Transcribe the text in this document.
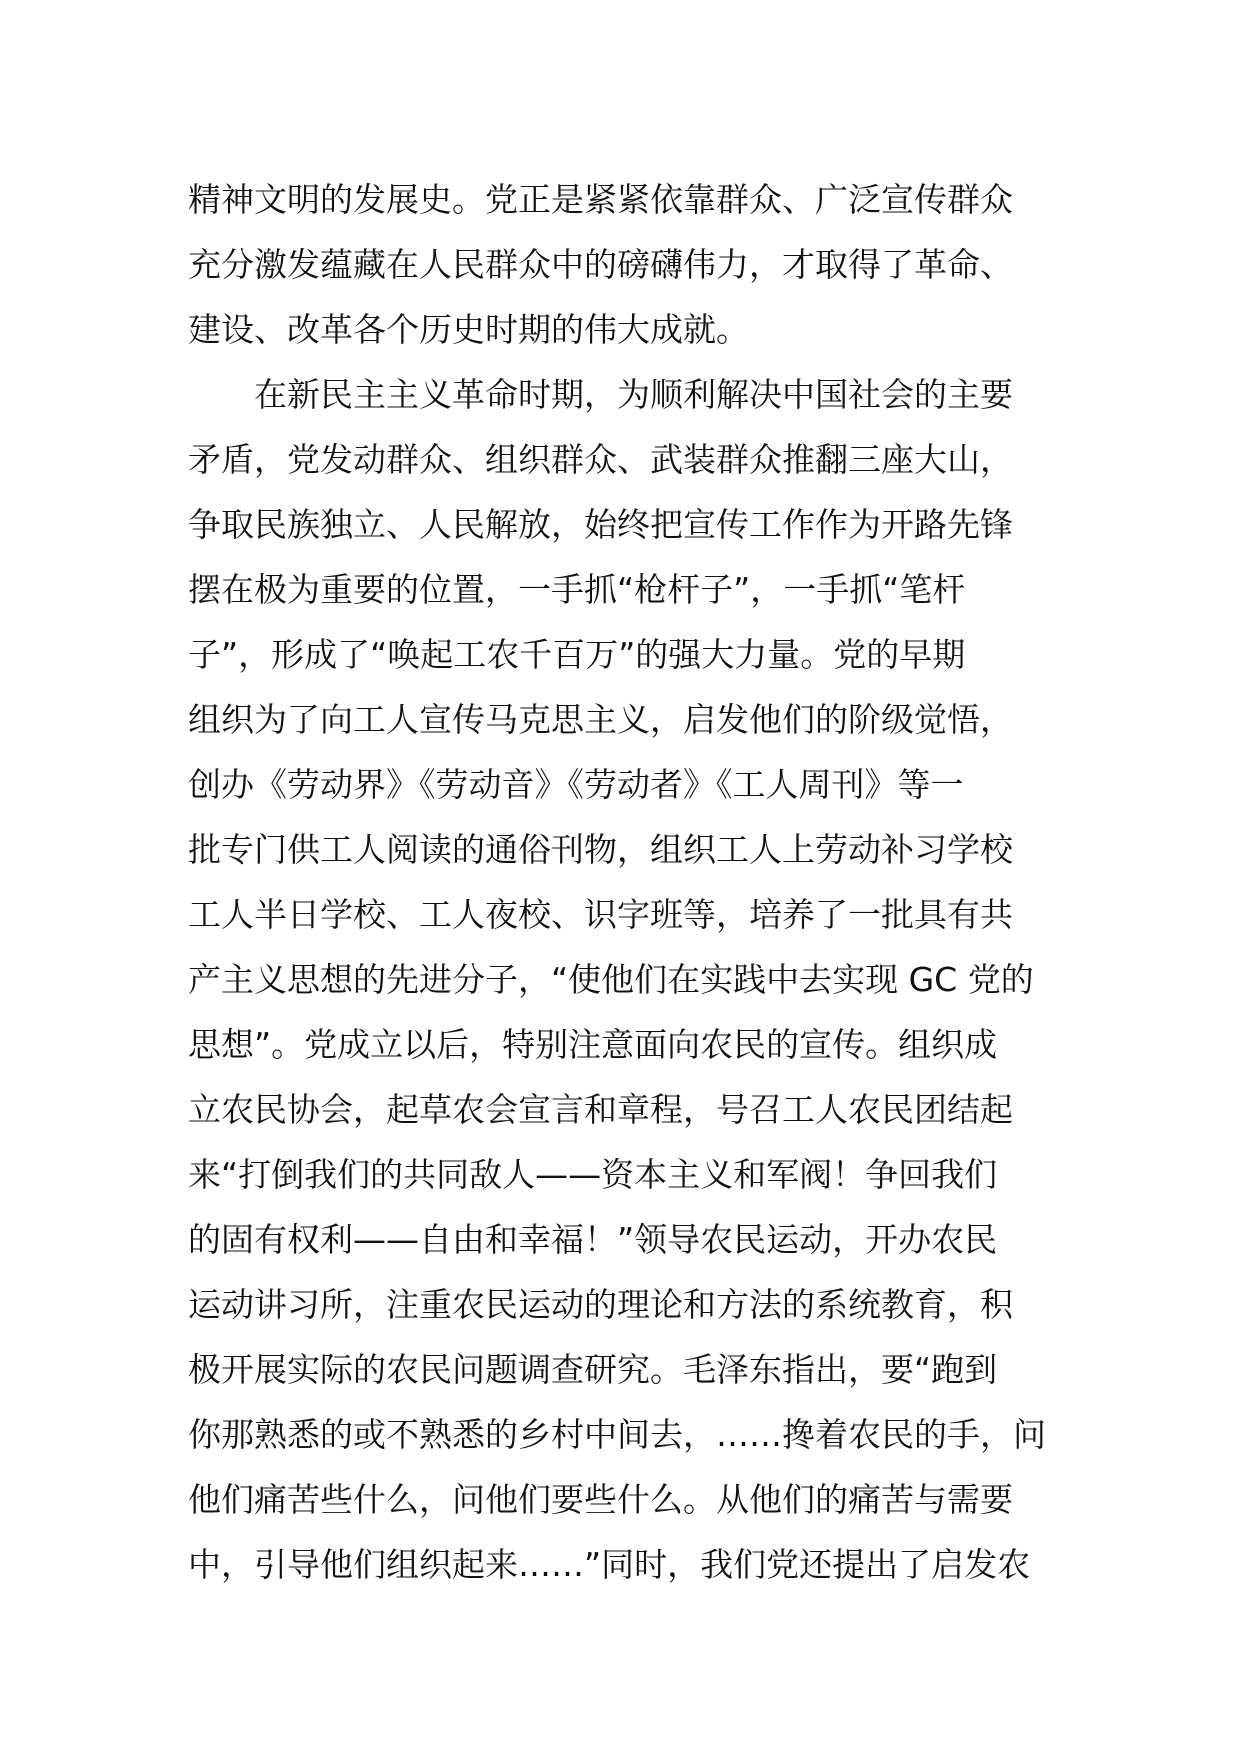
精神文明的发展史。党正是紧紧依靠群众、广泛宣传群众
充分激发蕴藏在人民群众中的磅礴伟力，才取得了革命、
建设、改革各个历史时期的伟大成就。
在新民主主义革命时期，为顺利解决中国社会的主要
矛盾，党发动群众、组织群众、武装群众推翻三座大山，
争取民族独立、人民解放，始终把宣传工作作为开路先锋
摆在极为重要的位置，一手抓“枪杆子”，一手抓“笔杆
子”，形成了“唤起工农千百万”的强大力量。党的早期
组织为了向工人宣传马克思主义，启发他们的阶级觉悟，
创办《劳动界》《劳动音》《劳动者》《工人周刊》等一
批专门供工人阅读的通俗刊物，组织工人上劳动补习学校
工人半日学校、工人夜校、识字班等，培养了一批具有共
产主义思想的先进分子，“使他们在实践中去实现 GC 党的
思想”。党成立以后，特别注意面向农民的宣传。组织成
立农民协会，起草农会宣言和章程，号召工人农民团结起
来“打倒我们的共同敌人——资本主义和军阀！争回我们
的固有权利——自由和幸福！”领导农民运动，开办农民
运动讲习所，注重农民运动的理论和方法的系统教育，积
极开展实际的农民问题调查研究。毛泽东指出，要“跑到
你那熟悉的或不熟悉的乡村中间去，……搀着农民的手，问
他们痛苦些什么，问他们要些什么。从他们的痛苦与需要
中，引导他们组织起来……”同时，我们党还提出了启发农
